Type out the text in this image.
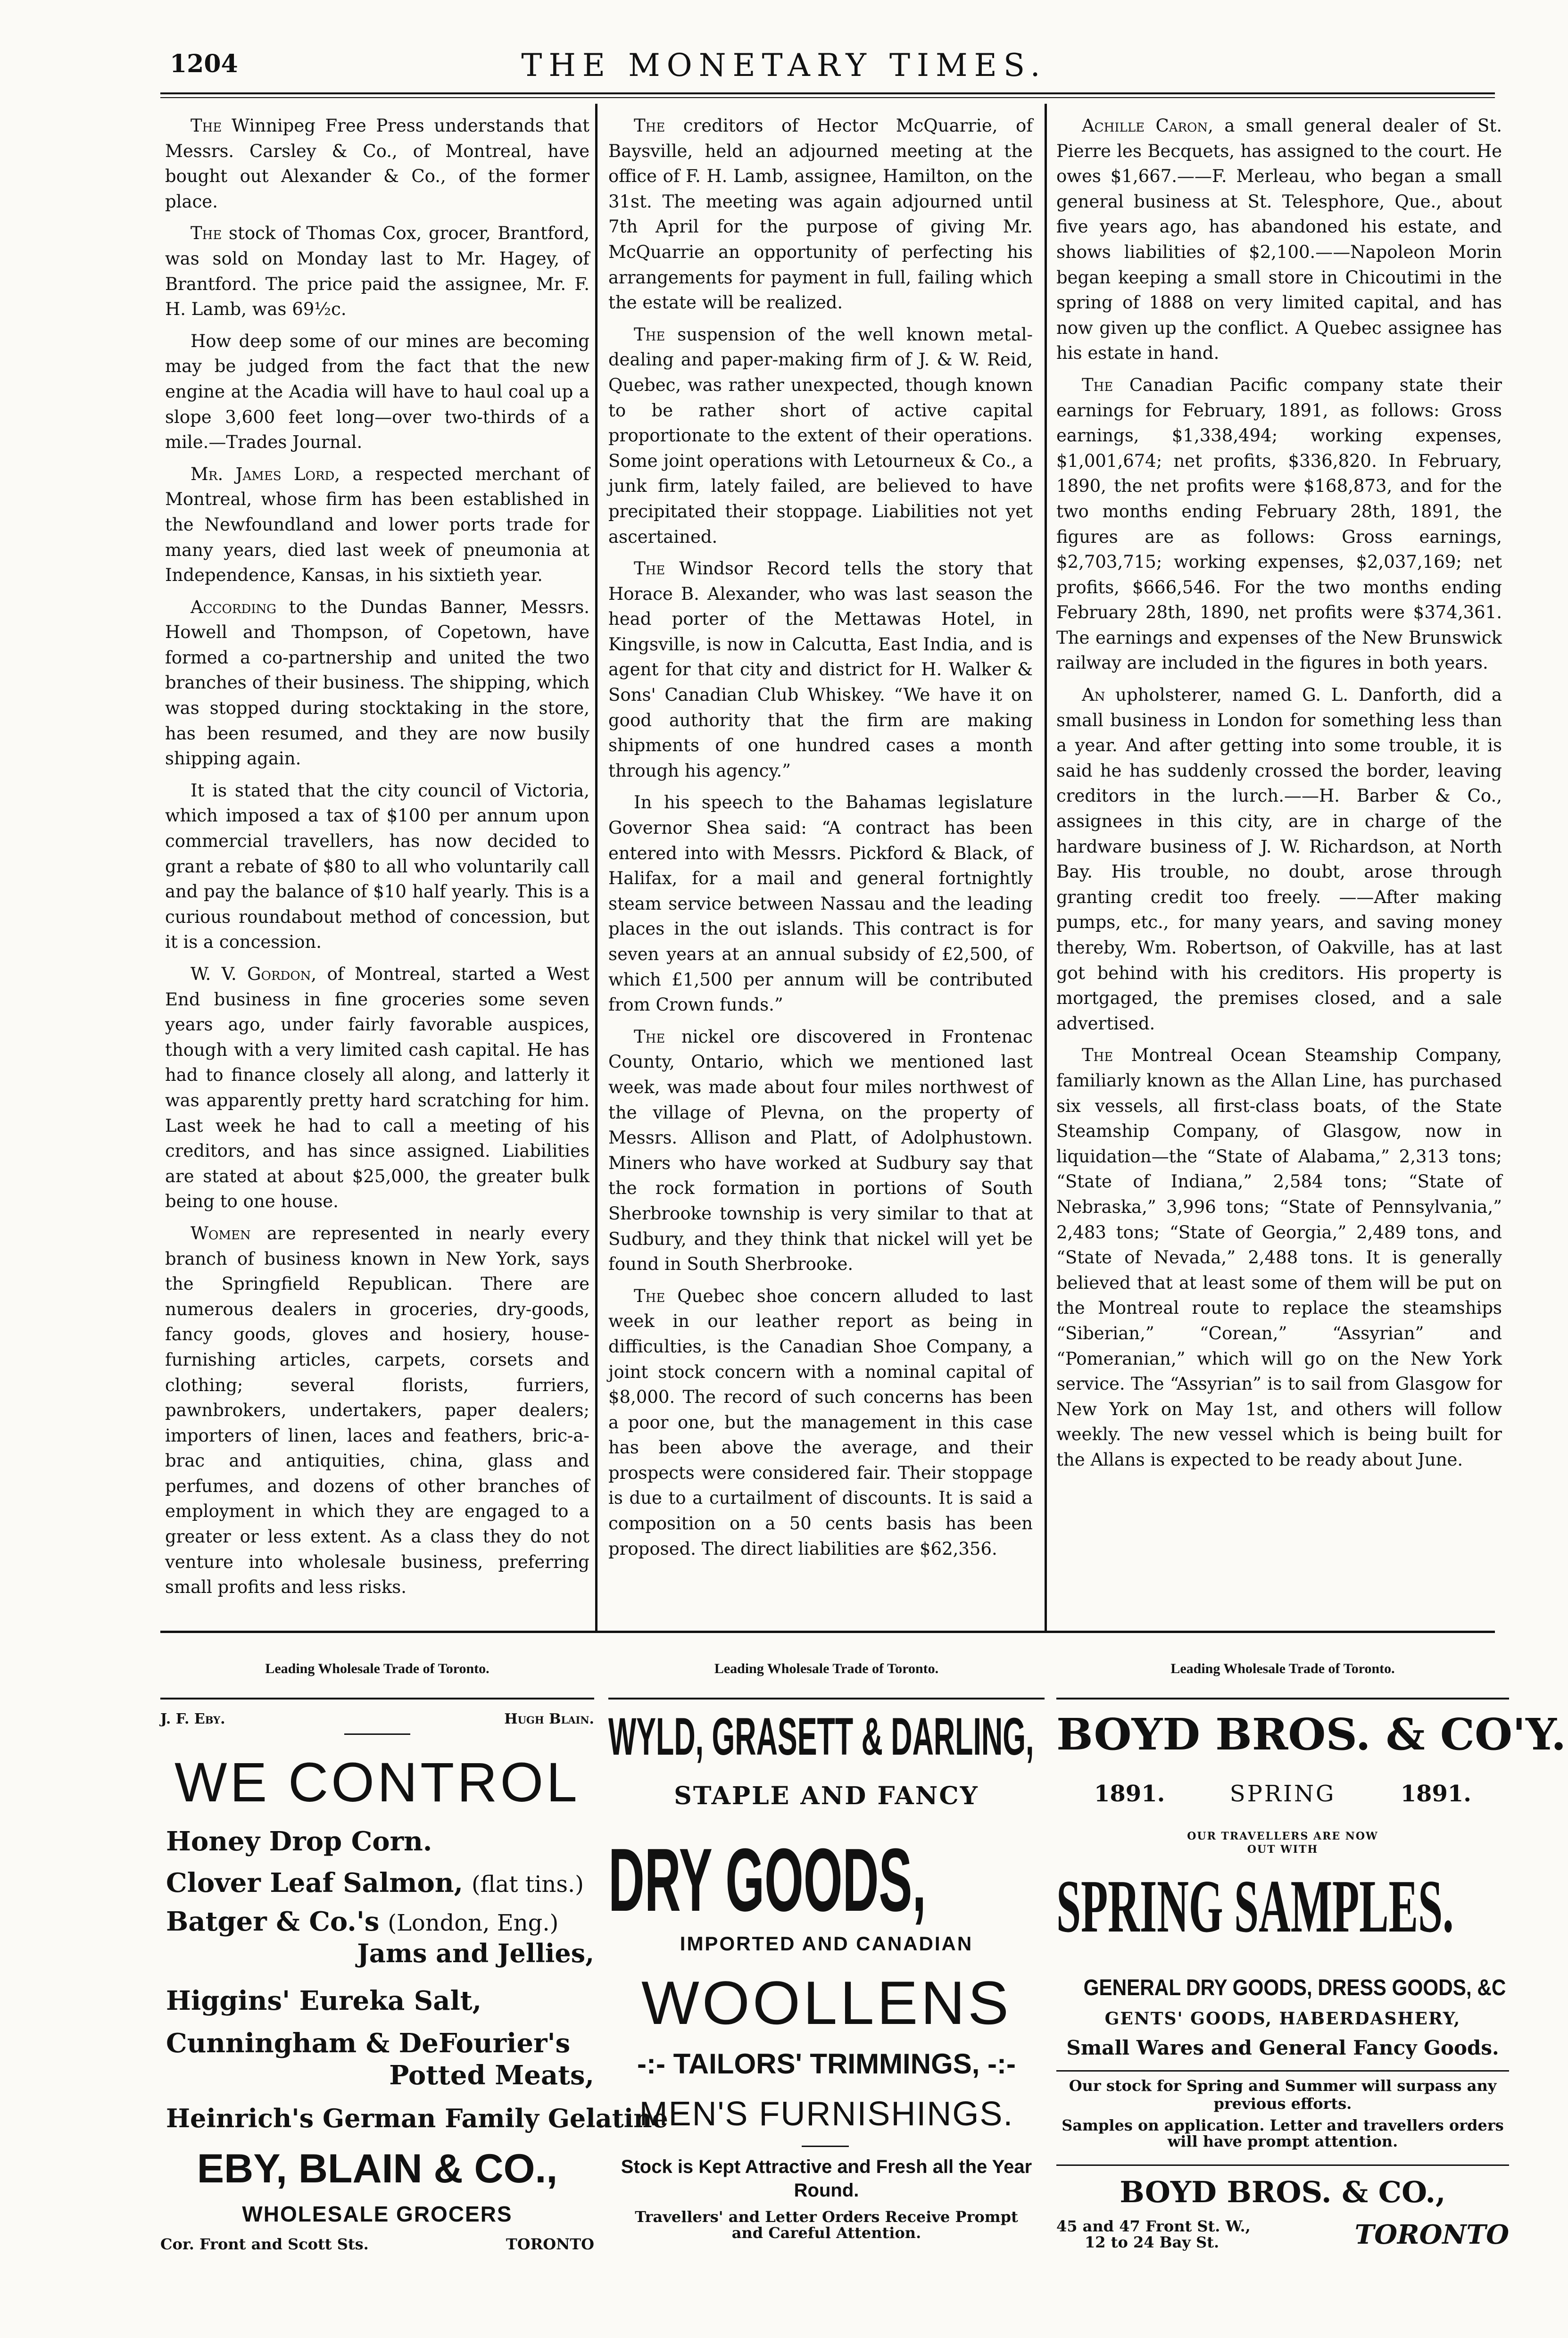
1204	THE MONETARY TIMES.

The Winnipeg Free Press understands that Messrs. Carsley & Co., of Montreal, have bought out Alexander & Co., of the former place.

The stock of Thomas Cox, grocer, Brantford, was sold on Monday last to Mr. Hagey, of Brantford. The price paid the assignee, Mr. F. H. Lamb, was 69½c.

How deep some of our mines are becoming may be judged from the fact that the new engine at the Acadia will have to haul coal up a slope 3,600 feet long—over two-thirds of a mile.—Trades Journal.

Mr. James Lord, a respected merchant of Montreal, whose firm has been established in the Newfoundland and lower ports trade for many years, died last week of pneumonia at Independence, Kansas, in his sixtieth year.

According to the Dundas Banner, Messrs. Howell and Thompson, of Copetown, have formed a co-partnership and united the two branches of their business. The shipping, which was stopped during stocktaking in the store, has been resumed, and they are now busily shipping again.

It is stated that the city council of Victoria, which imposed a tax of $100 per annum upon commercial travellers, has now decided to grant a rebate of $80 to all who voluntarily call and pay the balance of $10 half yearly. This is a curious roundabout method of concession, but it is a concession.

W. V. Gordon, of Montreal, started a West End business in fine groceries some seven years ago, under fairly favorable auspices, though with a very limited cash capital. He has had to finance closely all along, and latterly it was apparently pretty hard scratching for him. Last week he had to call a meeting of his creditors, and has since assigned. Liabilities are stated at about $25,000, the greater bulk being to one house.

Women are represented in nearly every branch of business known in New York, says the Springfield Republican. There are numerous dealers in groceries, dry-goods, fancy goods, gloves and hosiery, house-furnishing articles, carpets, corsets and clothing; several florists, furriers, pawnbrokers, undertakers, paper dealers; importers of linen, laces and feathers, bric-a-brac and antiquities, china, glass and perfumes, and dozens of other branches of employment in which they are engaged to a greater or less extent. As a class they do not venture into wholesale business, preferring small profits and less risks.

The creditors of Hector McQuarrie, of Baysville, held an adjourned meeting at the office of F. H. Lamb, assignee, Hamilton, on the 31st. The meeting was again adjourned until 7th April for the purpose of giving Mr. McQuarrie an opportunity of perfecting his arrangements for payment in full, failing which the estate will be realized.

The suspension of the well known metal-dealing and paper-making firm of J. & W. Reid, Quebec, was rather unexpected, though known to be rather short of active capital proportionate to the extent of their operations. Some joint operations with Letourneux & Co., a junk firm, lately failed, are believed to have precipitated their stoppage. Liabilities not yet ascertained.

The Windsor Record tells the story that Horace B. Alexander, who was last season the head porter of the Mettawas Hotel, in Kingsville, is now in Calcutta, East India, and is agent for that city and district for H. Walker & Sons' Canadian Club Whiskey. “We have it on good authority that the firm are making shipments of one hundred cases a month through his agency.”

In his speech to the Bahamas legislature Governor Shea said: “A contract has been entered into with Messrs. Pickford & Black, of Halifax, for a mail and general fortnightly steam service between Nassau and the leading places in the out islands. This contract is for seven years at an annual subsidy of £2,500, of which £1,500 per annum will be contributed from Crown funds.”

The nickel ore discovered in Frontenac County, Ontario, which we mentioned last week, was made about four miles northwest of the village of Plevna, on the property of Messrs. Allison and Platt, of Adolphustown. Miners who have worked at Sudbury say that the rock formation in portions of South Sherbrooke township is very similar to that at Sudbury, and they think that nickel will yet be found in South Sherbrooke.

The Quebec shoe concern alluded to last week in our leather report as being in difficulties, is the Canadian Shoe Company, a joint stock concern with a nominal capital of $8,000. The record of such concerns has been a poor one, but the management in this case has been above the average, and their prospects were considered fair. Their stoppage is due to a curtailment of discounts. It is said a composition on a 50 cents basis has been proposed. The direct liabilities are $62,356.

Achille Caron, a small general dealer of St. Pierre les Becquets, has assigned to the court. He owes $1,667.——F. Merleau, who began a small general business at St. Telesphore, Que., about five years ago, has abandoned his estate, and shows liabilities of $2,100.——Napoleon Morin began keeping a small store in Chicoutimi in the spring of 1888 on very limited capital, and has now given up the conflict. A Quebec assignee has his estate in hand.

The Canadian Pacific company state their earnings for February, 1891, as follows: Gross earnings, $1,338,494; working expenses, $1,001,674; net profits, $336,820. In February, 1890, the net profits were $168,873, and for the two months ending February 28th, 1891, the figures are as follows: Gross earnings, $2,703,715; working expenses, $2,037,169; net profits, $666,546. For the two months ending February 28th, 1890, net profits were $374,361. The earnings and expenses of the New Brunswick railway are included in the figures in both years.

An upholsterer, named G. L. Danforth, did a small business in London for something less than a year. And after getting into some trouble, it is said he has suddenly crossed the border, leaving creditors in the lurch.——H. Barber & Co., assignees in this city, are in charge of the hardware business of J. W. Richardson, at North Bay. His trouble, no doubt, arose through granting credit too freely. ——After making pumps, etc., for many years, and saving money thereby, Wm. Robertson, of Oakville, has at last got behind with his creditors. His property is mortgaged, the premises closed, and a sale advertised.

The Montreal Ocean Steamship Company, familiarly known as the Allan Line, has purchased six vessels, all first-class boats, of the State Steamship Company, of Glasgow, now in liquidation—the “State of Alabama,” 2,313 tons; “State of Indiana,” 2,584 tons; “State of Nebraska,” 3,996 tons; “State of Pennsylvania,” 2,483 tons; “State of Georgia,” 2,489 tons, and “State of Nevada,” 2,488 tons. It is generally believed that at least some of them will be put on the Montreal route to replace the steamships “Siberian,” “Corean,” “Assyrian” and “Pomeranian,” which will go on the New York service. The “Assyrian” is to sail from Glasgow for New York on May 1st, and others will follow weekly. The new vessel which is being built for the Allans is expected to be ready about June.

Leading Wholesale Trade of Toronto.
J. F. Eby.	Hugh Blain.
WE CONTROL
Honey Drop Corn.
Clover Leaf Salmon, (flat tins.)
Batger & Co.'s (London, Eng.)
Jams and Jellies,
Higgins' Eureka Salt,
Cunningham & DeFourier's
Potted Meats,
Heinrich's German Family Gelatine
EBY, BLAIN & CO.,
WHOLESALE GROCERS
Cor. Front and Scott Sts.	TORONTO
Leading Wholesale Trade of Toronto.
WYLD, GRASETT & DARLING,
STAPLE AND FANCY
DRY GOODS,
IMPORTED AND CANADIAN
WOOLLENS
-:- TAILORS' TRIMMINGS, -:-
MEN'S FURNISHINGS.
Stock is Kept Attractive and Fresh all the Year Round.
Travellers' and Letter Orders Receive Prompt and Careful Attention.
Leading Wholesale Trade of Toronto.
BOYD BROS. & CO'Y.
1891.	SPRING	1891.
OUR TRAVELLERS ARE NOW OUT WITH
SPRING SAMPLES.
GENERAL DRY GOODS, DRESS GOODS, &C
GENTS' GOODS, HABERDASHERY,
Small Wares and General Fancy Goods.
Our stock for Spring and Summer will surpass any previous efforts.
Samples on application. Letter and travellers orders will have prompt attention.
BOYD BROS. & CO.,
45 and 47 Front St. W.,
12 to 24 Bay St.	TORONTO
